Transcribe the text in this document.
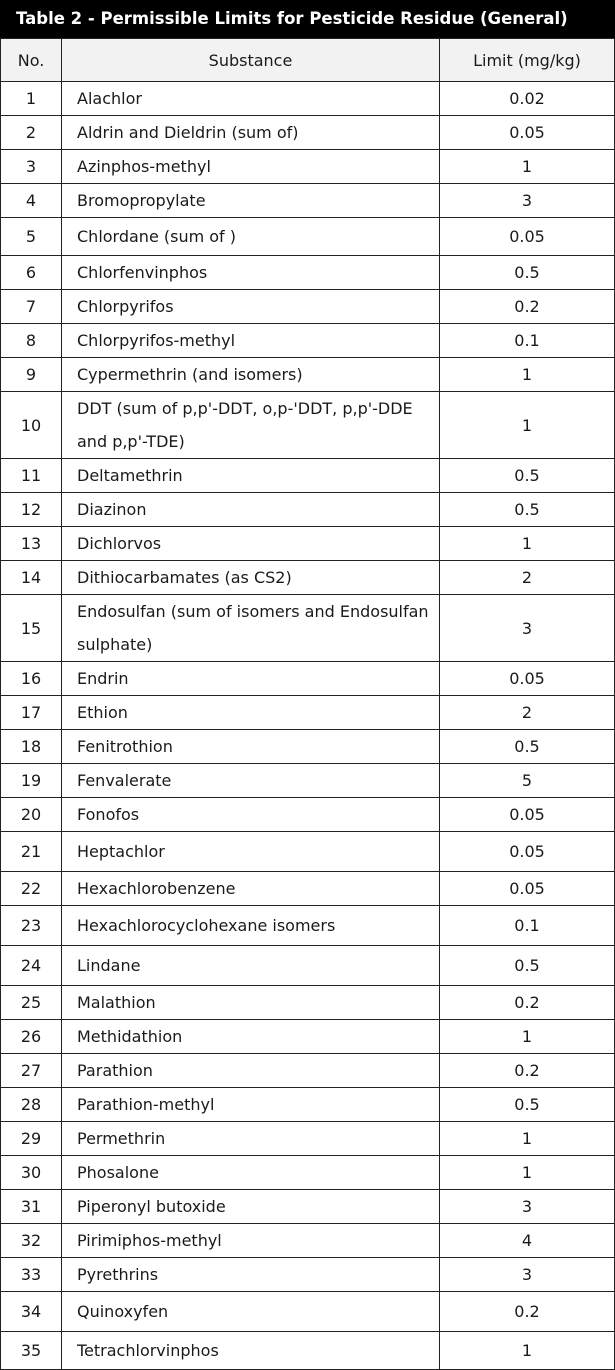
Table 2 - Permissible Limits for Pesticide Residue (General)
No.	Substance	Limit (mg/kg)
1	Alachlor	0.02
2	Aldrin and Dieldrin (sum of)	0.05
3	Azinphos-methyl	1
4	Bromopropylate	3
5	Chlordane (sum of )	0.05
6	Chlorfenvinphos	0.5
7	Chlorpyrifos	0.2
8	Chlorpyrifos-methyl	0.1
9	Cypermethrin (and isomers)	1
10	DDT (sum of p,p'-DDT, o,p-'DDT, p,p'-DDE and p,p'-TDE)	1
11	Deltamethrin	0.5
12	Diazinon	0.5
13	Dichlorvos	1
14	Dithiocarbamates (as CS2)	2
15	Endosulfan (sum of isomers and Endosulfan sulphate)	3
16	Endrin	0.05
17	Ethion	2
18	Fenitrothion	0.5
19	Fenvalerate	5
20	Fonofos	0.05
21	Heptachlor	0.05
22	Hexachlorobenzene	0.05
23	Hexachlorocyclohexane isomers	0.1
24	Lindane	0.5
25	Malathion	0.2
26	Methidathion	1
27	Parathion	0.2
28	Parathion-methyl	0.5
29	Permethrin	1
30	Phosalone	1
31	Piperonyl butoxide	3
32	Pirimiphos-methyl	4
33	Pyrethrins	3
34	Quinoxyfen	0.2
35	Tetrachlorvinphos	1
